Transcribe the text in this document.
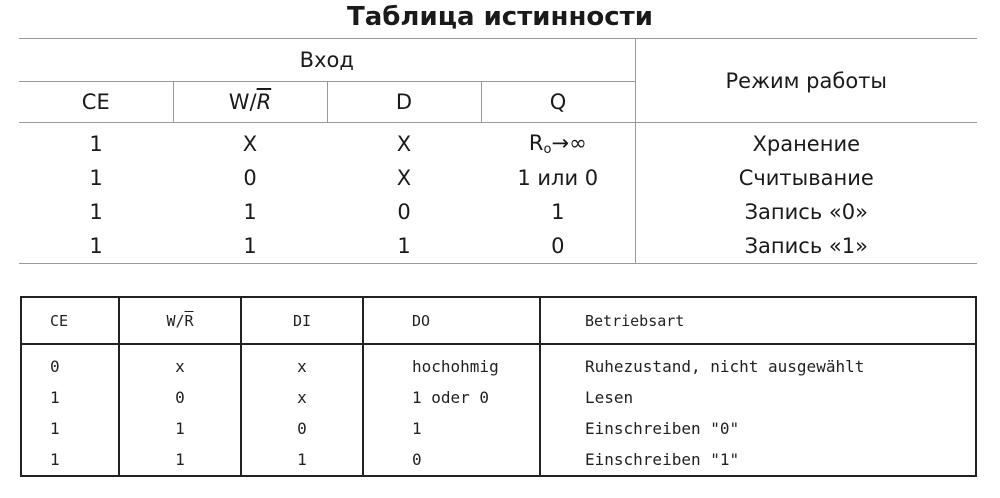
Таблица истинности
Вход				Режим работы
CE	$W/\overline{R}$	D	Q	
1	X	X	$R_o\to\infty$	Хранение
1	0	X	1 или 0	Считывание
1	1	0	1	Запись «0»
1	1	1	0	Запись «1»
CE	$W/\overline{R}$	DI	DO	Betriebsart
0	x	x	hochohmig	Ruhezustand, nicht ausgewählt
1	0	x	1 oder 0	Lesen
1	1	0	1	Einschreiben "0"
1	1	1	0	Einschreiben "1"
